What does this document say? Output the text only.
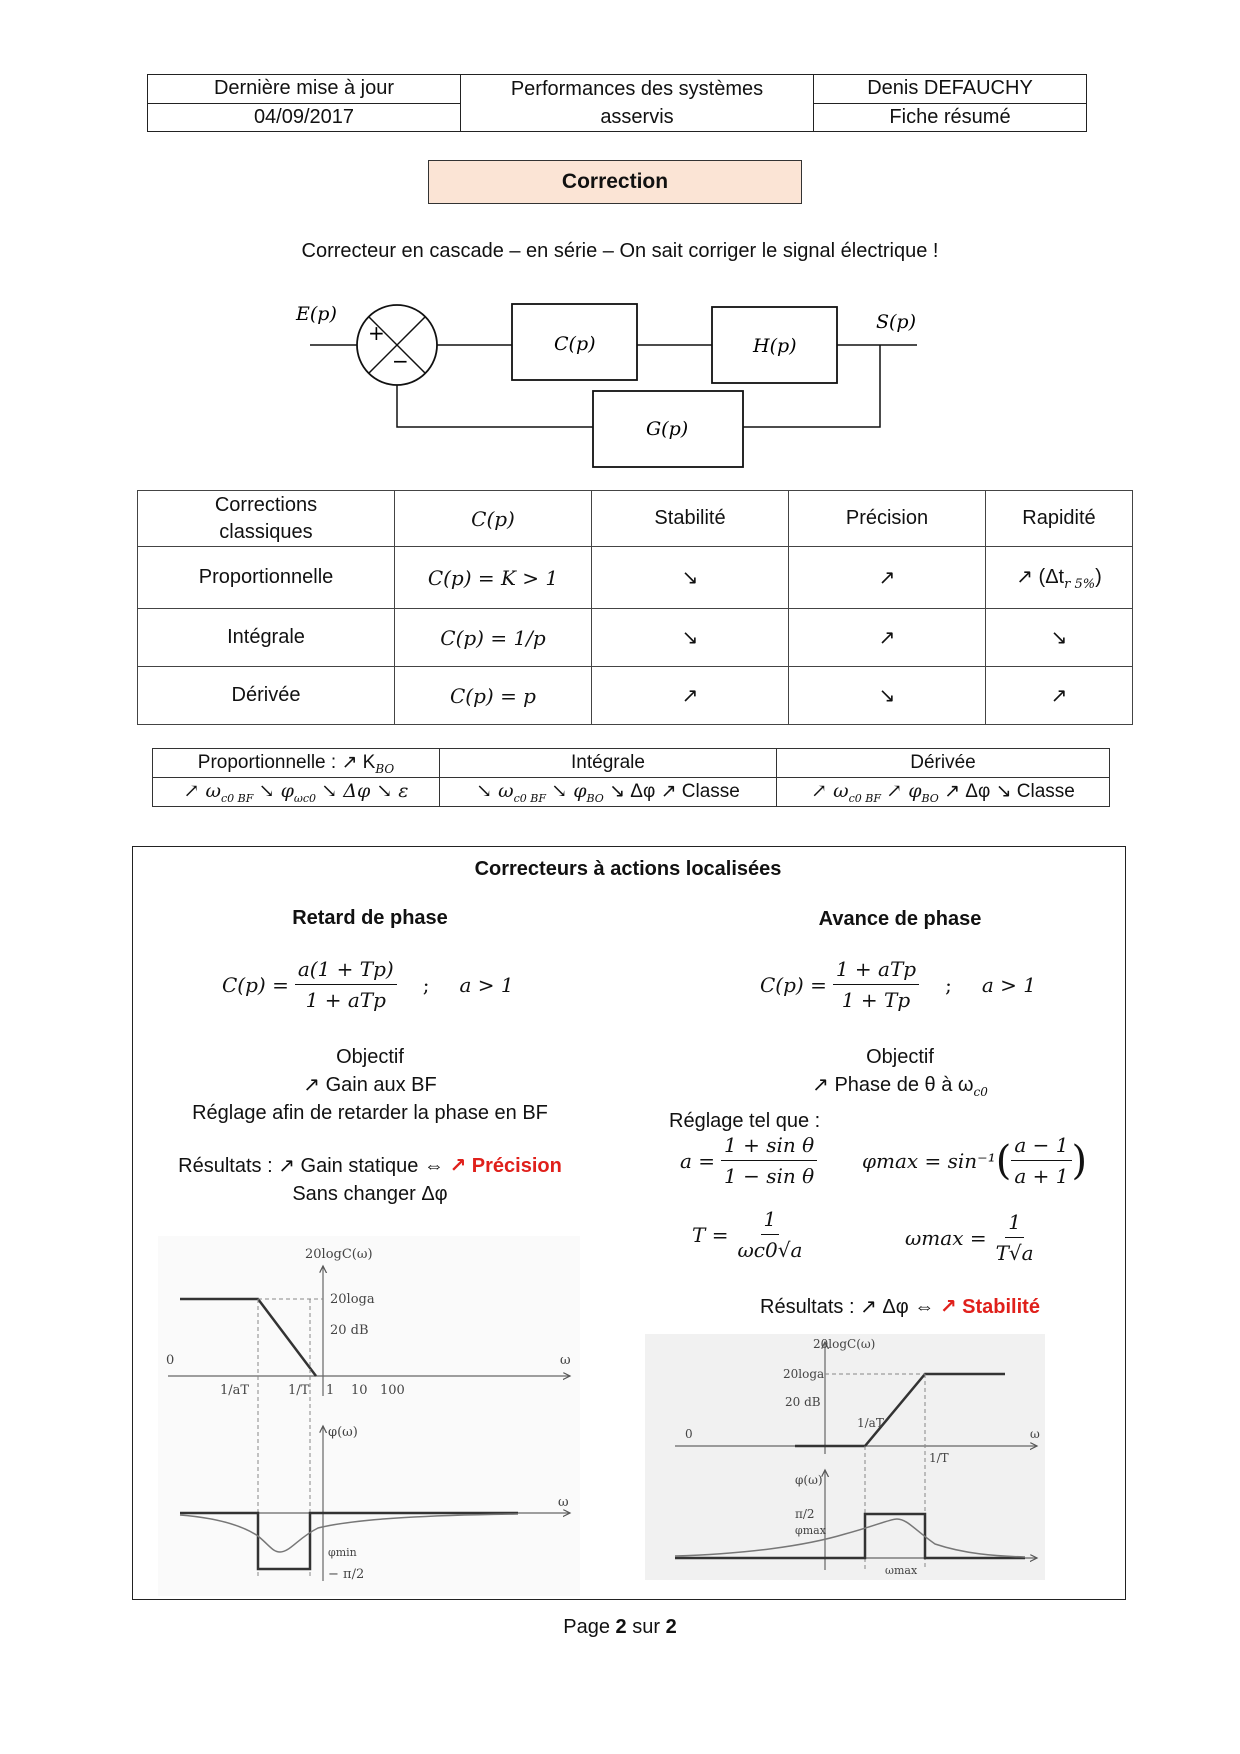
Dernière mise à jour	Performances des systèmes asservis	Denis DEFAUCHY
04/09/2017		Fiche résumé
Correction
Correcteur en cascade – en série – On sait corriger le signal électrique !
E(p)	S(p)
C(p)	H(p)
G(p)
+
−
Corrections classiques	C(p)	Stabilité	Précision	Rapidité
Proportionnelle	C(p) = K > 1	↘	↗	↗ $(\Delta t_{r 5\%})$
Intégrale	C(p) = 1/p	↘	↗	↘
Dérivée	C(p) = p	↗	↘	↗
Proportionnelle : ↗ $K_{BO}$	Intégrale	Dérivée
↗ $\omega_{c0 BF}$ ↘ $\varphi_{\omega c0}$ ↘ Δφ ↘ ε	↘ $\omega_{c0 BF}$ ↘ $\varphi_{BO}$ ↘ Δφ ↗ Classe	↗ $\omega_{c0 BF}$ ↗ $\varphi_{BO}$ ↗ Δφ ↘ Classe
Correcteurs à actions localisées
Retard de phase
$C(p) = \frac{a(1 + Tp)}{\text{1 + aTp}}$ ; a > 1
Objectif
↗ Gain aux BF
Réglage afin de retarder la phase en BF
Résultats : ↗ Gain statique ⇔ ↗ Précision
Sans changer Δφ
20logC(ω)
20loga
20 dB
0	ω
1/aT	1/T 1 10 100
φ(ω)
ω
φmin
− π/2
Avance de phase
$C(p) = \frac{\text{1 + aTp}}{1 + Tp}$ ; a > 1
Objectif
↗ Phase de θ à $\omega_{c0}$
Réglage tel que :
$a = \frac{\text{1 + sin θ}}{\text{1 − sin θ}}$ φmax = sin⁻¹ ( $\frac{a - 1}{a + 1}$ )
$T = \frac{1}{\omega c0√a}$	$\omega\max = \frac{1}{T√a}$
Résultats : ↗ Δφ ⇔ ↗ Stabilité
20logC(ω)
20loga
20 dB
0	ω
1/aT
1/T
φ(ω)
π/2
φmax
ωmax
Page 2 sur 2
